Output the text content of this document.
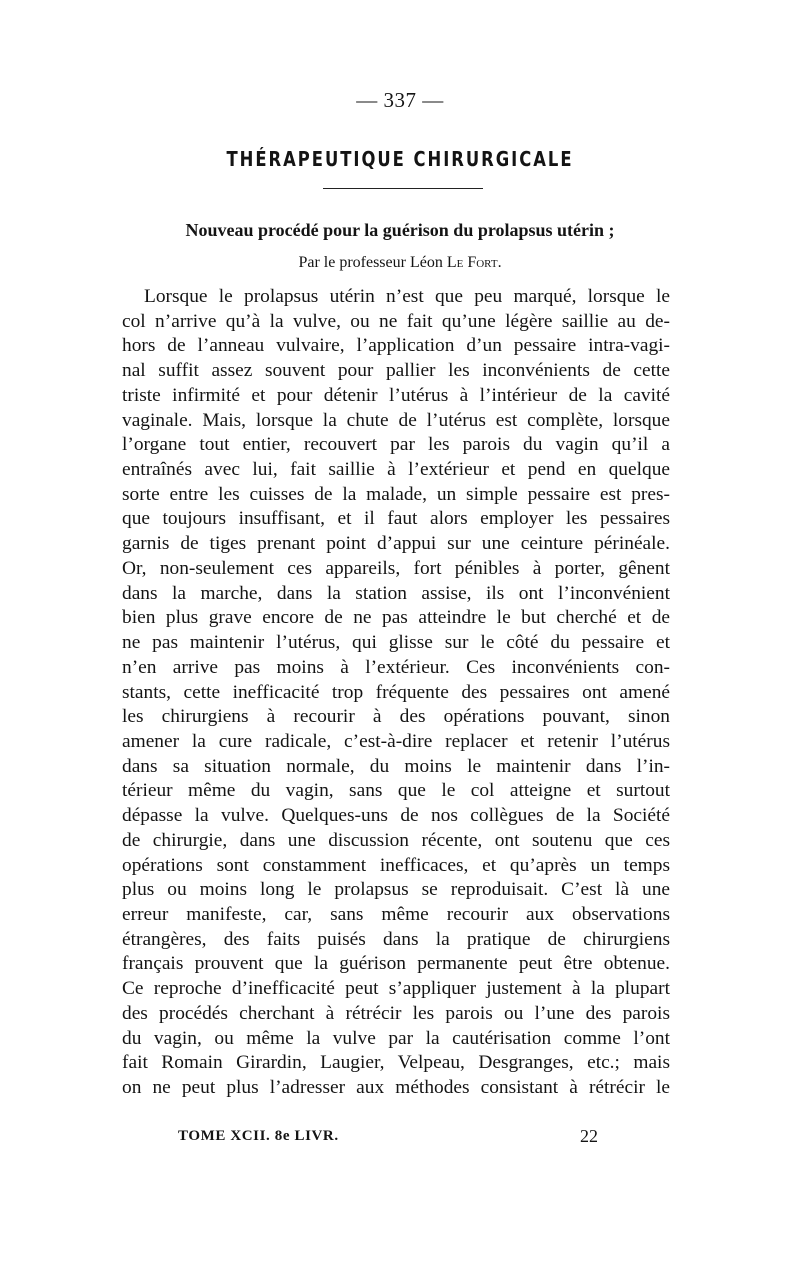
— 337 —
THÉRAPEUTIQUE CHIRURGICALE
Nouveau procédé pour la guérison du prolapsus utérin ;
Par le professeur Léon Le Fort.
Lorsque le prolapsus utérin n’est que peu marqué, lorsque le
col n’arrive qu’à la vulve, ou ne fait qu’une légère saillie au de-
hors de l’anneau vulvaire, l’application d’un pessaire intra-vagi-
nal suffit assez souvent pour pallier les inconvénients de cette
triste infirmité et pour détenir l’utérus à l’intérieur de la cavité
vaginale. Mais, lorsque la chute de l’utérus est complète, lorsque
l’organe tout entier, recouvert par les parois du vagin qu’il a
entraînés avec lui, fait saillie à l’extérieur et pend en quelque
sorte entre les cuisses de la malade, un simple pessaire est pres-
que toujours insuffisant, et il faut alors employer les pessaires
garnis de tiges prenant point d’appui sur une ceinture périnéale.
Or, non-seulement ces appareils, fort pénibles à porter, gênent
dans la marche, dans la station assise, ils ont l’inconvénient
bien plus grave encore de ne pas atteindre le but cherché et de
ne pas maintenir l’utérus, qui glisse sur le côté du pessaire et
n’en arrive pas moins à l’extérieur. Ces inconvénients con-
stants, cette inefficacité trop fréquente des pessaires ont amené
les chirurgiens à recourir à des opérations pouvant, sinon
amener la cure radicale, c’est-à-dire replacer et retenir l’utérus
dans sa situation normale, du moins le maintenir dans l’in-
térieur même du vagin, sans que le col atteigne et surtout
dépasse la vulve. Quelques-uns de nos collègues de la Société
de chirurgie, dans une discussion récente, ont soutenu que ces
opérations sont constamment inefficaces, et qu’après un temps
plus ou moins long le prolapsus se reproduisait. C’est là une
erreur manifeste, car, sans même recourir aux observations
étrangères, des faits puisés dans la pratique de chirurgiens
français prouvent que la guérison permanente peut être obtenue.
Ce reproche d’inefficacité peut s’appliquer justement à la plupart
des procédés cherchant à rétrécir les parois ou l’une des parois
du vagin, ou même la vulve par la cautérisation comme l’ont
fait Romain Girardin, Laugier, Velpeau, Desgranges, etc.; mais
on ne peut plus l’adresser aux méthodes consistant à rétrécir le
TOME XCII. 8e LIVR.	22
